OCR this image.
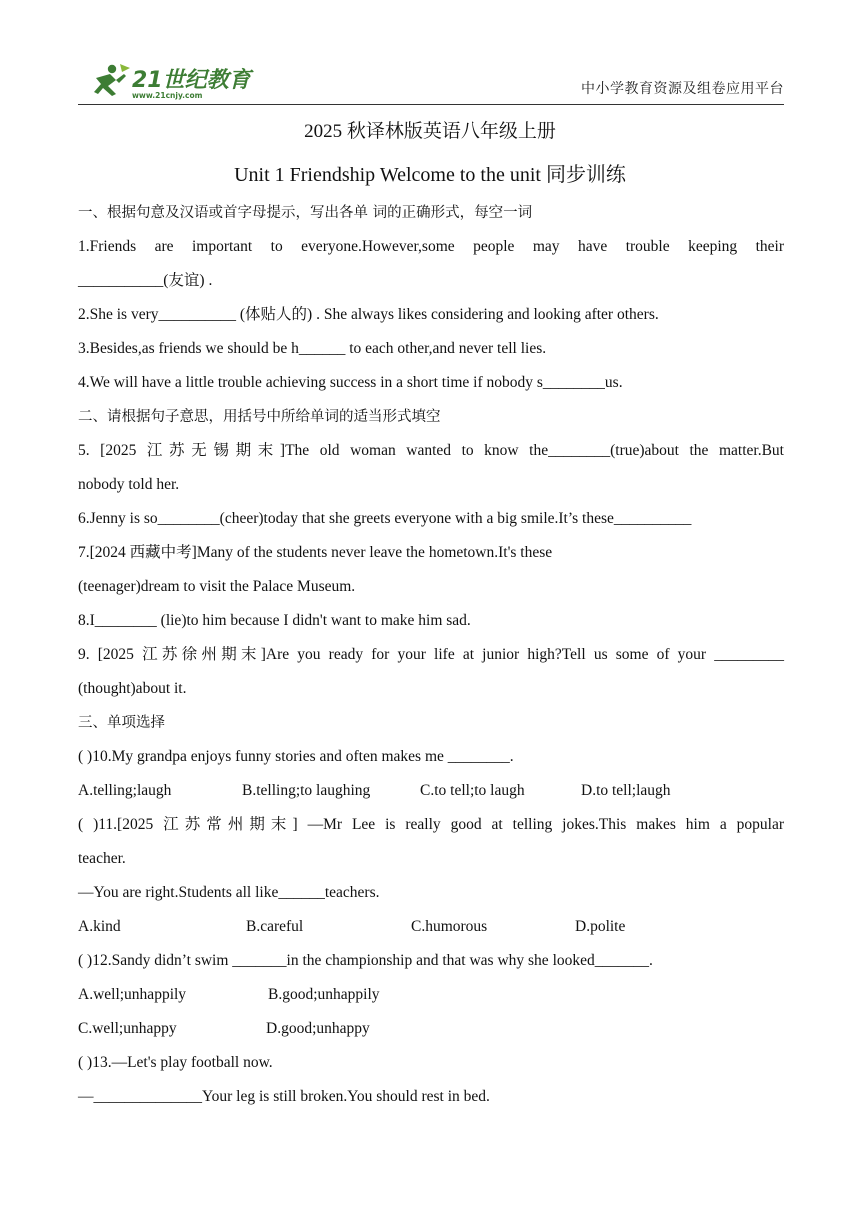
21世纪教育
www.21cnjy.com	中小学教育资源及组卷应用平台
2025 秋译林版英语八年级上册
Unit 1 Friendship Welcome to the unit 同步训练
一、根据句意及汉语或首字母提示，写出各单 词的正确形式，每空一词
1.Friends are important to everyone.However,some people may have trouble keeping their
___________(友谊) .
2.She is very__________ (体贴人的) . She always likes considering and looking after others.
3.Besides,as friends we should be h______ to each other,and never tell lies.
4.We will have a little trouble achieving success in a short time if nobody s________us.
二、请根据句子意思，用括号中所给单词的适当形式填空
5. [2025 江苏无锡期末]The old woman wanted to know the________(true)about the matter.But
nobody told her.
6.Jenny is so________(cheer)today that she greets everyone with a big smile.It’s these__________
7.[2024 西藏中考]Many of the students never leave the hometown.It's these
(teenager)dream to visit the Palace Museum.
8.I________ (lie)to him because I didn't want to make him sad.
9. [2025 江苏徐州期末]Are you ready for your life at junior high?Tell us some of your _________
(thought)about it.
三、单项选择
( )10.My grandpa enjoys funny stories and often makes me ________.
A.telling;laugh	B.telling;to laughing	C.to tell;to laugh	D.to tell;laugh
( )11.[2025 江苏常州期末] —Mr Lee is really good at telling jokes.This makes him a popular
teacher.
—You are right.Students all like______teachers.
A.kind	B.careful	C.humorous	D.polite
( )12.Sandy didn’t swim _______in the championship and that was why she looked_______.
A.well;unhappily	B.good;unhappily
C.well;unhappy	D.good;unhappy
( )13.—Let's play football now.
—______________Your leg is still broken.You should rest in bed.
